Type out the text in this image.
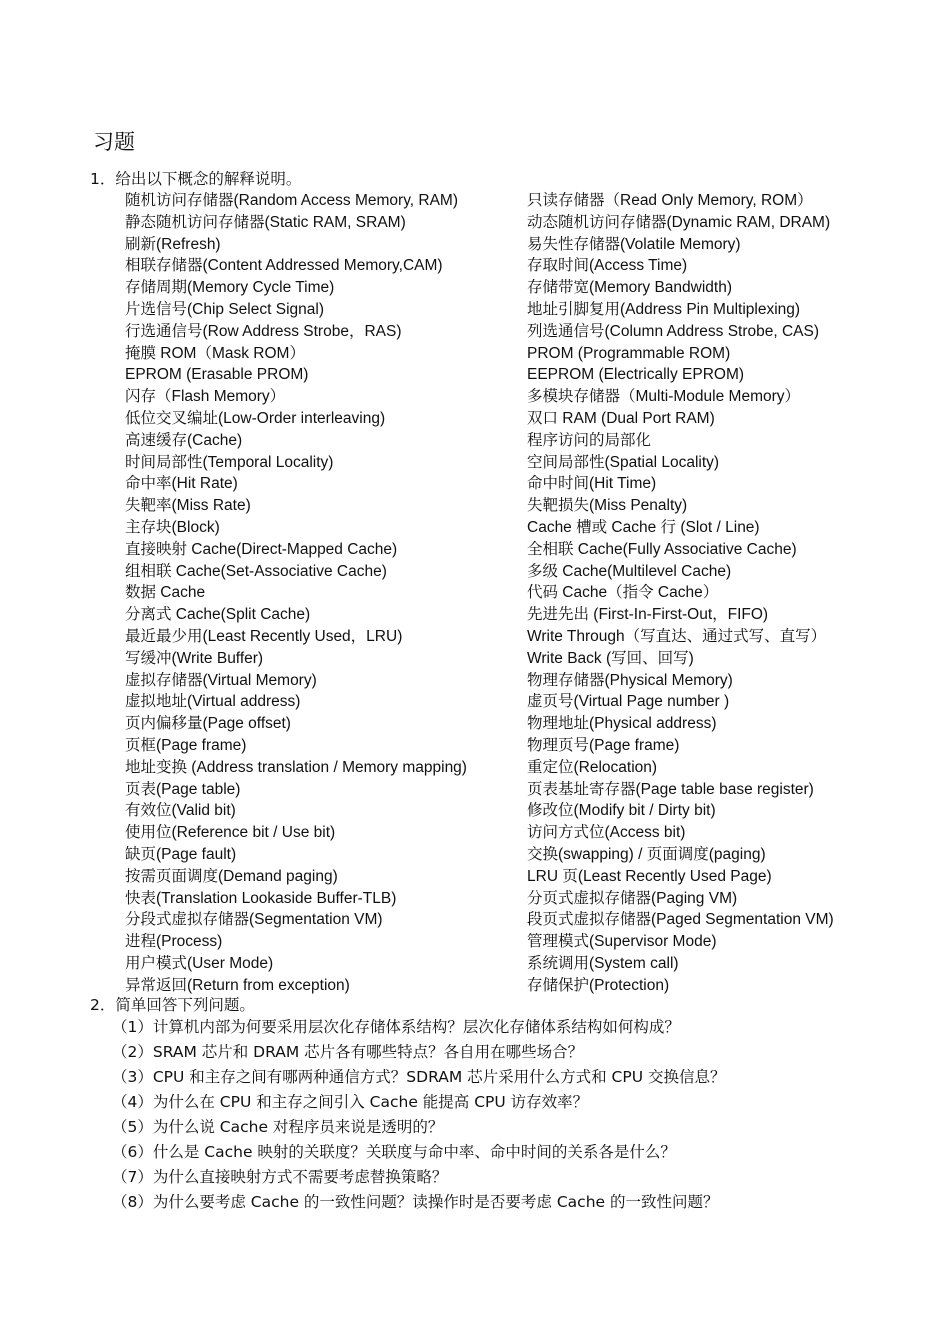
习题
1．给出以下概念的解释说明。
随机访问存储器(Random Access Memory, RAM)
静态随机访问存储器(Static RAM, SRAM)
刷新(Refresh)
相联存储器(Content Addressed Memory,CAM)
存储周期(Memory Cycle Time)
片选信号(Chip Select Signal)
行选通信号(Row Address Strobe，RAS)
掩膜 ROM（Mask ROM）
EPROM (Erasable PROM)
闪存（Flash Memory）
低位交叉编址(Low-Order interleaving)
高速缓存(Cache)
时间局部性(Temporal Locality)
命中率(Hit Rate)
失靶率(Miss Rate)
主存块(Block)
直接映射 Cache(Direct-Mapped Cache)
组相联 Cache(Set-Associative Cache)
数据 Cache
分离式 Cache(Split Cache)
最近最少用(Least Recently Used，LRU)
写缓冲(Write Buffer)
虚拟存储器(Virtual Memory)
虚拟地址(Virtual address)
页内偏移量(Page offset)
页框(Page frame)
地址变换 (Address translation / Memory mapping)
页表(Page table)
有效位(Valid bit)
使用位(Reference bit / Use bit)
缺页(Page fault)
按需页面调度(Demand paging)
快表(Translation Lookaside Buffer-TLB)
分段式虚拟存储器(Segmentation VM)
进程(Process)
用户模式(User Mode)
异常返回(Return from exception)
只读存储器（Read Only Memory, ROM）
动态随机访问存储器(Dynamic RAM, DRAM)
易失性存储器(Volatile Memory)
存取时间(Access Time)
存储带宽(Memory Bandwidth)
地址引脚复用(Address Pin Multiplexing)
列选通信号(Column Address Strobe, CAS)
PROM (Programmable ROM)
EEPROM (Electrically EPROM)
多模块存储器（Multi-Module Memory）
双口 RAM (Dual Port RAM)
程序访问的局部化
空间局部性(Spatial Locality)
命中时间(Hit Time)
失靶损失(Miss Penalty)
Cache 槽或 Cache 行 (Slot / Line)
全相联 Cache(Fully Associative Cache)
多级 Cache(Multilevel Cache)
代码 Cache（指令 Cache）
先进先出 (First-In-First-Out，FIFO)
Write Through（写直达、通过式写、直写）
Write Back (写回、回写)
物理存储器(Physical Memory)
虚页号(Virtual Page number )
物理地址(Physical address)
物理页号(Page frame)
重定位(Relocation)
页表基址寄存器(Page table base register)
修改位(Modify bit / Dirty bit)
访问方式位(Access bit)
交换(swapping) / 页面调度(paging)
LRU 页(Least Recently Used Page)
分页式虚拟存储器(Paging VM)
段页式虚拟存储器(Paged Segmentation VM)
管理模式(Supervisor Mode)
系统调用(System call)
存储保护(Protection)
2．简单回答下列问题。
（1）计算机内部为何要采用层次化存储体系结构？层次化存储体系结构如何构成？
（2）SRAM 芯片和 DRAM 芯片各有哪些特点？各自用在哪些场合？
（3）CPU 和主存之间有哪两种通信方式？SDRAM 芯片采用什么方式和 CPU 交换信息？
（4）为什么在 CPU 和主存之间引入 Cache 能提高 CPU 访存效率？
（5）为什么说 Cache 对程序员来说是透明的？
（6）什么是 Cache 映射的关联度？关联度与命中率、命中时间的关系各是什么？
（7）为什么直接映射方式不需要考虑替换策略？
（8）为什么要考虑 Cache 的一致性问题？读操作时是否要考虑 Cache 的一致性问题？
